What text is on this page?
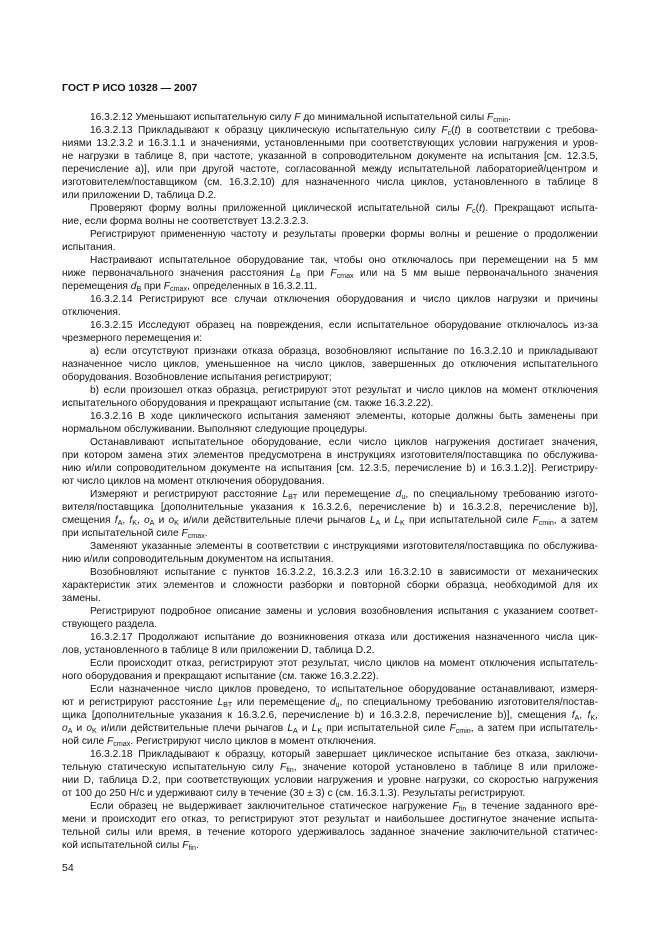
ГОСТ Р ИСО 10328 — 2007
16.3.2.12 Уменьшают испытательную силу F до минимальной испытательной силы $F_{cmin}$.
16.3.2.13 Прикладывают к образцу циклическую испытательную силу $F_c(t)$ в соответствии с требова-
ниями 13.2.3.2 и 16.3.1.1 и значениями, установленными при соответствующих условии нагружения и уров-
не нагрузки в таблице 8, при частоте, указанной в сопроводительном документе на испытания [см. 12.3.5,
перечисление а)], или при другой частоте, согласованной между испытательной лабораторией/центром и
изготовителем/поставщиком (см. 16.3.2.10) для назначенного числа циклов, установленного в таблице 8
или приложении D, таблица D.2.
Проверяют форму волны приложенной циклической испытательной силы $F_c(t)$. Прекращают испыта-
ние, если форма волны не соответствует 13.2.3.2.3.
Регистрируют примененную частоту и результаты проверки формы волны и решение о продолжении
испытания.
Настраивают испытательное оборудование так, чтобы оно отключалось при перемещении на 5 мм
ниже первоначального значения расстояния $L_B$ при $F_{cmax}$ или на 5 мм выше первоначального значения
перемещения $d_B$ при $F_{cmax}$, определенных в 16.3.2.11.
16.3.2.14 Регистрируют все случаи отключения оборудования и число циклов нагрузки и причины
отключения.
16.3.2.15 Исследуют образец на повреждения, если испытательное оборудование отключалось из-за
чрезмерного перемещения и:
а) если отсутствуют признаки отказа образца, возобновляют испытание по 16.3.2.10 и прикладывают
назначенное число циклов, уменьшенное на число циклов, завершенных до отключения испытательного
оборудования. Возобновление испытания регистрируют;
b) если произошел отказ образца, регистрируют этот результат и число циклов на момент отключения
испытательного оборудования и прекращают испытание (см. также 16.3.2.22).
16.3.2.16 В ходе циклического испытания заменяют элементы, которые должны быть заменены при
нормальном обслуживании. Выполняют следующие процедуры.
Останавливают испытательное оборудование, если число циклов нагружения достигает значения,
при котором замена этих элементов предусмотрена в инструкциях изготовителя/поставщика по обслужива-
нию и/или сопроводительном документе на испытания [см. 12.3.5, перечисление b) и 16.3.1.2)]. Регистриру-
ют число циклов на момент отключения оборудования.
Измеряют и регистрируют расстояние $L_{BT}$ или перемещение $d_u$, по специальному требованию изгото-
вителя/поставщика [дополнительные указания к 16.3.2.6, перечисление b) и 16.3.2.8, перечисление b)],
смещения $f_A$, $f_K$, $o_A$ и $o_K$ и/или действительные плечи рычагов $L_A$ и $L_K$ при испытательной силе $F_{cmin}$, а затем
при испытательной силе $F_{cmax}$.
Заменяют указанные элементы в соответствии с инструкциями изготовителя/поставщика по обслужива-
нию и/или сопроводительным документом на испытания.
Возобновляют испытание с пунктов 16.3.2.2, 16.3.2.3 или 16.3.2.10 в зависимости от механических
характеристик этих элементов и сложности разборки и повторной сборки образца, необходимой для их
замены.
Регистрируют подробное описание замены и условия возобновления испытания с указанием соответ-
ствующего раздела.
16.3.2.17 Продолжают испытание до возникновения отказа или достижения назначенного числа цик-
лов, установленного в таблице 8 или приложении D, таблица D.2.
Если происходит отказ, регистрируют этот результат, число циклов на момент отключения испытатель-
ного оборудования и прекращают испытание (см. также 16.3.2.22).
Если назначенное число циклов проведено, то испытательное оборудование останавливают, измеря-
ют и регистрируют расстояние $L_{BT}$ или перемещение $d_u$, по специальному требованию изготовителя/постав-
щика [дополнительные указания к 16.3.2.6, перечисление b) и 16.3.2.8, перечисление b)], смещения $f_A$, $f_K$,
$o_A$ и $o_K$ и/или действительные плечи рычагов $L_A$ и $L_K$ при испытательной силе $F_{cmin}$, а затем при испытатель-
ной силе $F_{cmax}$. Регистрируют число циклов в момент отключения.
16.3.2.18 Прикладывают к образцу, который завершает циклическое испытание без отказа, заключи-
тельную статическую испытательную силу $F_{fin}$, значение которой установлено в таблице 8 или приложе-
нии D, таблица D.2, при соответствующих условии нагружения и уровне нагрузки, со скоростью нагружения
от 100 до 250 Н/с и удерживают силу в течение (30 ± 3) с (см. 16.3.1.3). Результаты регистрируют.
Если образец не выдерживает заключительное статическое нагружение $F_{fin}$ в течение заданного вре-
мени и происходит его отказ, то регистрируют этот результат и наибольшее достигнутое значение испыта-
тельной силы или время, в течение которого удерживалось заданное значение заключительной статичес-
кой испытательной силы $F_{fin}$.
54
